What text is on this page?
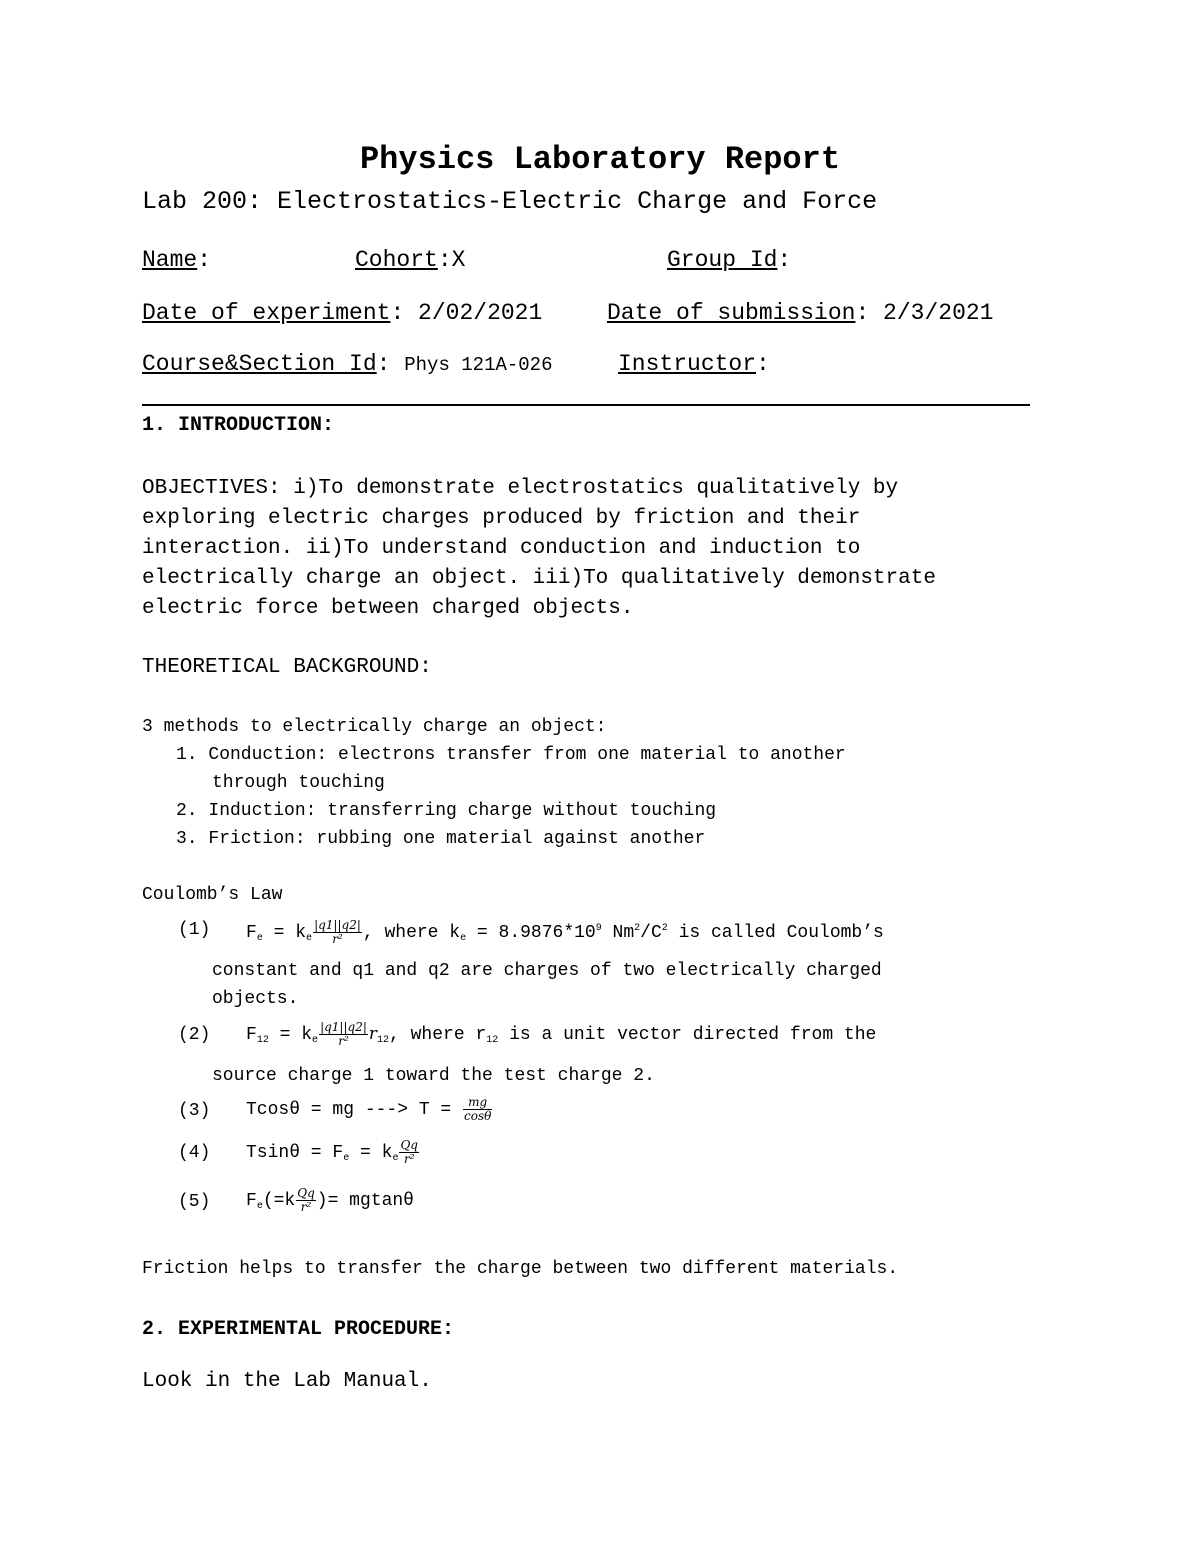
Physics Laboratory Report
Lab 200: Electrostatics-Electric Charge and Force
Name:	Cohort:X	Group Id:
Date of experiment: 2/02/2021	Date of submission: 2/3/2021
Course&Section Id: Phys 121A-026	Instructor:
1. INTRODUCTION:
OBJECTIVES: i)To demonstrate electrostatics qualitatively by
exploring electric charges produced by friction and their
interaction. ii)To understand conduction and induction to
electrically charge an object. iii)To qualitatively demonstrate
electric force between charged objects.
THEORETICAL BACKGROUND:
3 methods to electrically charge an object:
1. Conduction: electrons transfer from one material to another
through touching
2. Induction: transferring charge without touching
3. Friction: rubbing one material against another
Coulomb’s Law
(1) $F_e = k_e \frac{|q1||q2|}{\text{r²}}$ , where $k_e = 8.9876*10^9$ $Nm^2/C^2$ is called Coulomb’s
constant and q1 and q2 are charges of two electrically charged
objects.
(2) $F_{12} = k_e \frac{|q1||q2|}{\text{r²}} r_{12}$, where $r_{12}$ is a unit vector directed from the
source charge 1 toward the test charge 2.
(3) Tcosθ = mg ---> $T = \frac{mg}{\cos\theta}$
(4) $Tsin\theta = F_e = k_e \frac{Qq}{\text{r²}}$
(5) $F_e(=k \frac{Qq}{\text{r²}}$ )= mgtanθ
Friction helps to transfer the charge between two different materials.
2. EXPERIMENTAL PROCEDURE:
Look in the Lab Manual.
